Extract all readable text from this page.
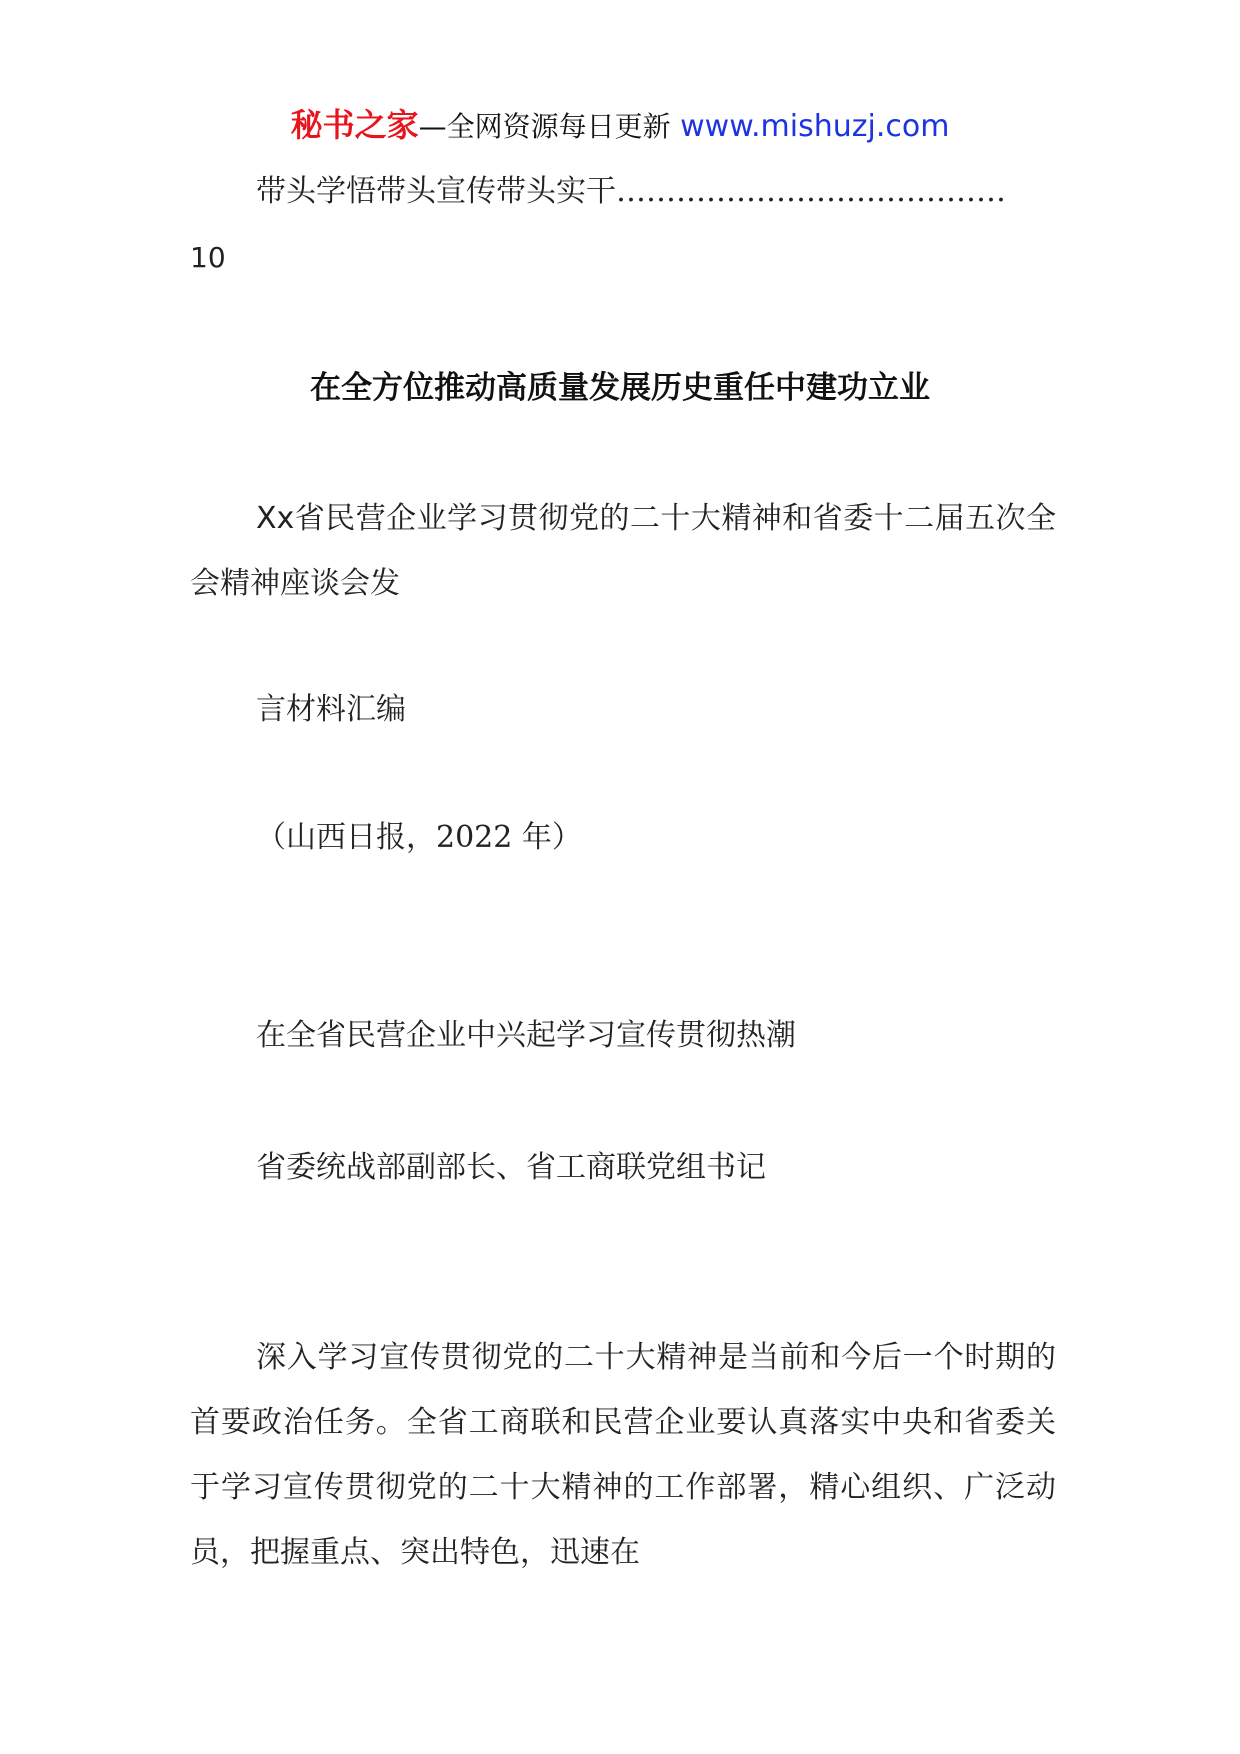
秘书之家—全网资源每日更新 www.mishuzj.com
带头学悟带头宣传带头实干…………………………………
10
在全方位推动高质量发展历史重任中建功立业
Xx省民营企业学习贯彻党的二十大精神和省委十二届五次全会精神座谈会发
言材料汇编
（山西日报，2022 年）
在全省民营企业中兴起学习宣传贯彻热潮
省委统战部副部长、省工商联党组书记
深入学习宣传贯彻党的二十大精神是当前和今后一个时期的首要政治任务。全省工商联和民营企业要认真落实中央和省委关于学习宣传贯彻党的二十大精神的工作部署，精心组织、广泛动员，把握重点、突出特色，迅速在
